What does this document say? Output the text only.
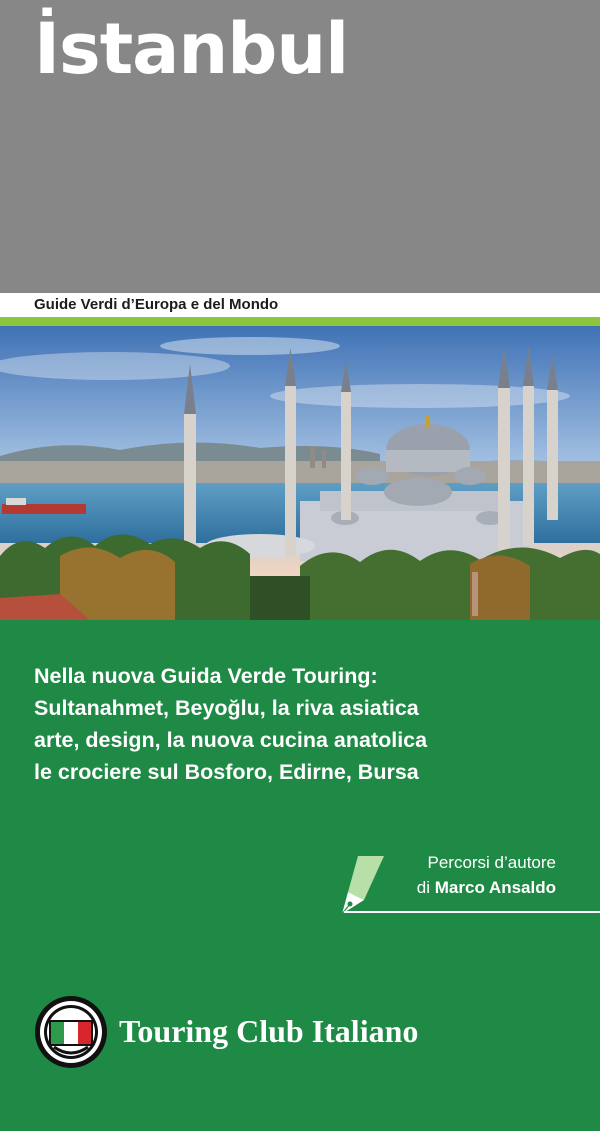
İstanbul
Guide Verdi d’Europa e del Mondo
Nella nuova Guida Verde Touring:
Sultanahmet, Beyoğlu, la riva asiatica
arte, design, la nuova cucina anatolica
le crociere sul Bosforo, Edirne, Bursa
Percorsi d’autore
di Marco Ansaldo
Touring Club Italiano
